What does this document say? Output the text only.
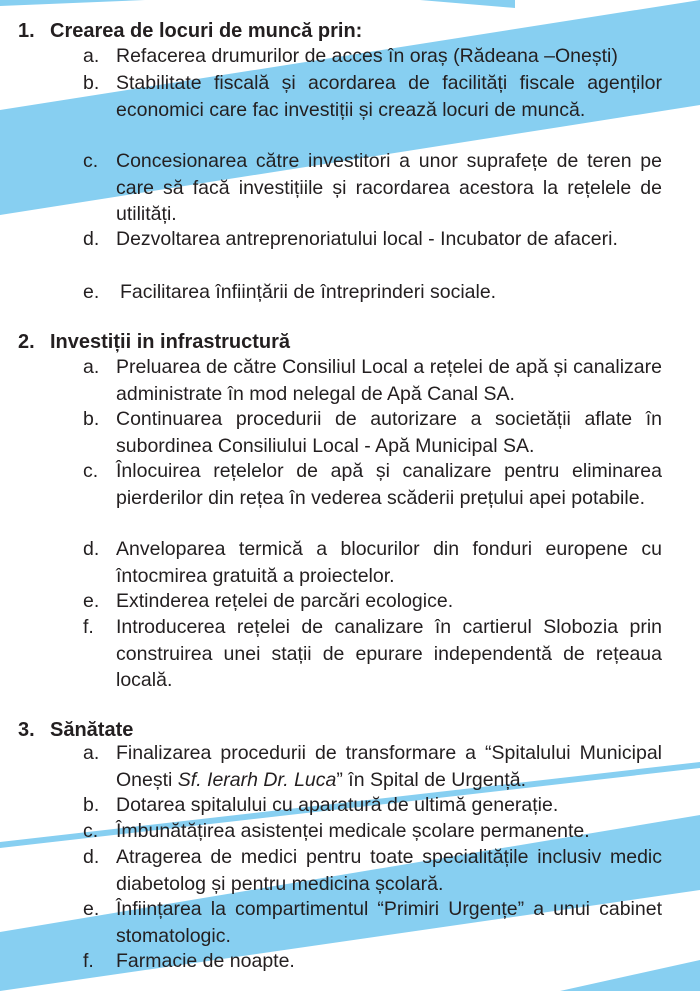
1. Crearea de locuri de muncă prin:
a. Refacerea drumurilor de acces în oraș (Rădeana –Onești)
b. Stabilitate fiscală și acordarea de facilități fiscale agenților economici care fac investiții și crează locuri de muncă.
c. Concesionarea către investitori a unor suprafețe de teren pe care să facă investițiile și racordarea acestora la rețelele de utilități.
d. Dezvoltarea antreprenoriatului local - Incubator de afaceri.
e. Facilitarea înființării de întreprinderi sociale.
2. Investiții in infrastructură
a. Preluarea de către Consiliul Local a rețelei de apă și canalizare administrate în mod nelegal de Apă Canal SA.
b. Continuarea procedurii de autorizare a societății aflate în subordinea Consiliului Local - Apă Municipal SA.
c. Înlocuirea rețelelor de apă și canalizare pentru eliminarea pierderilor din rețea în vederea scăderii prețului apei potabile.
d. Anveloparea termică a blocurilor din fonduri europene cu întocmirea gratuită a proiectelor.
e. Extinderea rețelei de parcări ecologice.
f. Introducerea rețelei de canalizare în cartierul Slobozia prin construirea unei stații de epurare independentă de rețeaua locală.
3. Sănătate
a. Finalizarea procedurii de transformare a “Spitalului Municipal Onești Sf. Ierarh Dr. Luca” în Spital de Urgență.
b. Dotarea spitalului cu aparatură de ultimă generație.
c. Îmbunătățirea asistenței medicale școlare permanente.
d. Atragerea de medici pentru toate specialitățile inclusiv medic diabetolog și pentru medicina școlară.
e. Înființarea la compartimentul “Primiri Urgențe” a unui cabinet stomatologic.
f. Farmacie de noapte.
